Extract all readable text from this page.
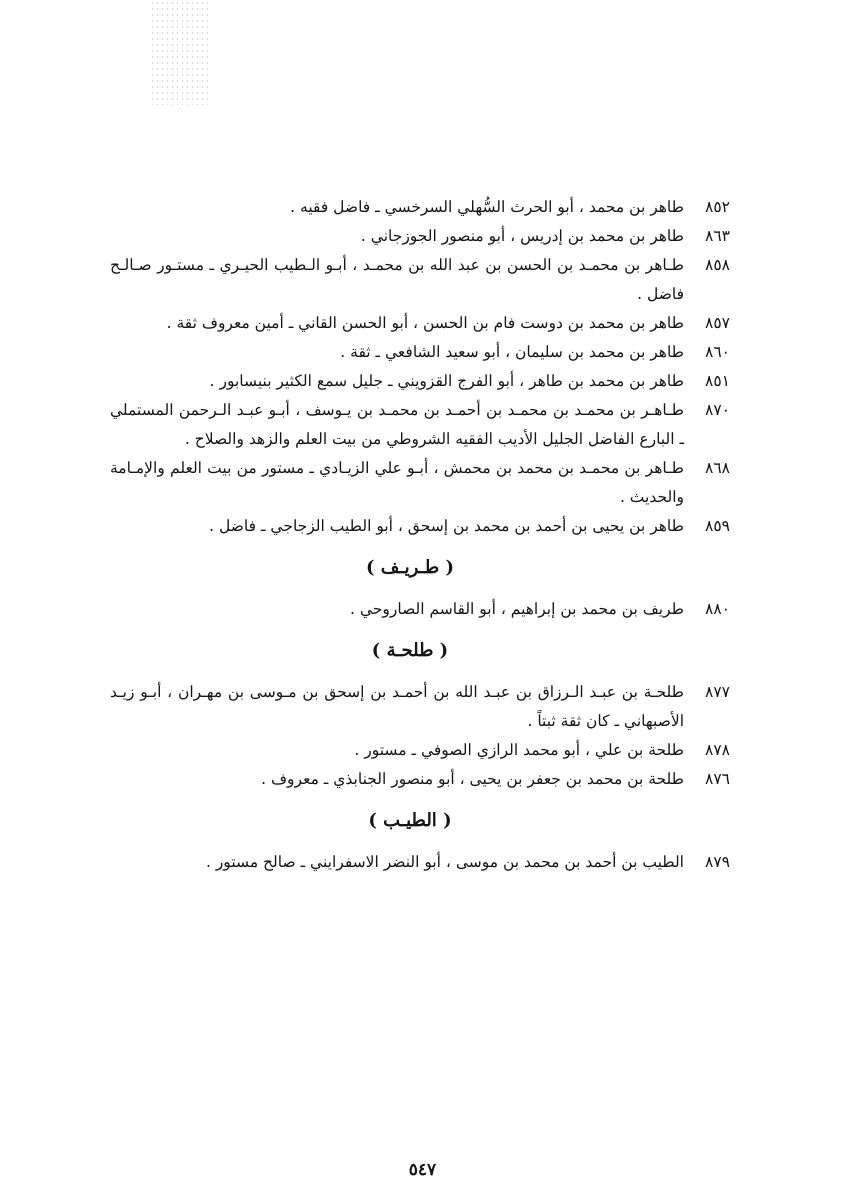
٨٥٢
طاهر بن محمد ، أبو الحرث السُّهلي السرخسي ـ فاضل فقيه .

٨٦٣
طاهر بن محمد بن إدريس ، أبو منصور الجوزجاني .

٨٥٨
طـاهر بن محمـد بن الحسن بن عبد الله بن محمـد ، أبـو الـطيب الحيـري ـ مستـور صـالـح فاضل .

٨٥٧
طاهر بن محمد بن دوست فام بن الحسن ، أبو الحسن القاني ـ أمين معروف ثقة .

٨٦٠
طاهر بن محمد بن سليمان ، أبو سعيد الشافعي ـ ثقة .

٨٥١
طاهر بن محمد بن طاهر ، أبو الفرج القزويني ـ جليل سمع الكثير بنيسابور .

٨٧٠
طـاهـر بن محمـد بن محمـد بن أحمـد بن محمـد بن يـوسف ، أبـو عبـد الـرحمن المستملي ـ البارع الفاضل الجليل الأديب الفقيه الشروطي من بيت العلم والزهد والصلاح .

٨٦٨
طـاهر بن محمـد بن محمد بن محمش ، أبـو علي الزيـادي ـ مستور من بيت العلم والإمـامة والحديث .

٨٥٩
طاهر بن يحيى بن أحمد بن محمد بن إسحق ، أبو الطيب الزجاجي ـ فاضل .

( طـريـف )

٨٨٠
طريف بن محمد بن إبراهيم ، أبو القاسم الصاروحي .

( طلحـة )

٨٧٧
طلحـة بن عبـد الـرزاق بن عبـد الله بن أحمـد بن إسحق بن مـوسى بن مهـران ، أبـو زيـد الأصبهاني ـ كان ثقة ثبتاً .

٨٧٨
طلحة بن علي ، أبو محمد الرازي الصوفي ـ مستور .

٨٧٦
طلحة بن محمد بن جعفر بن يحيى ، أبو منصور الجنابذي ـ معروف .

( الطيـب )

٨٧٩
الطيب بن أحمد بن محمد بن موسى ، أبو النضر الاسفرايني ـ صالح مستور .

٥٤٧
